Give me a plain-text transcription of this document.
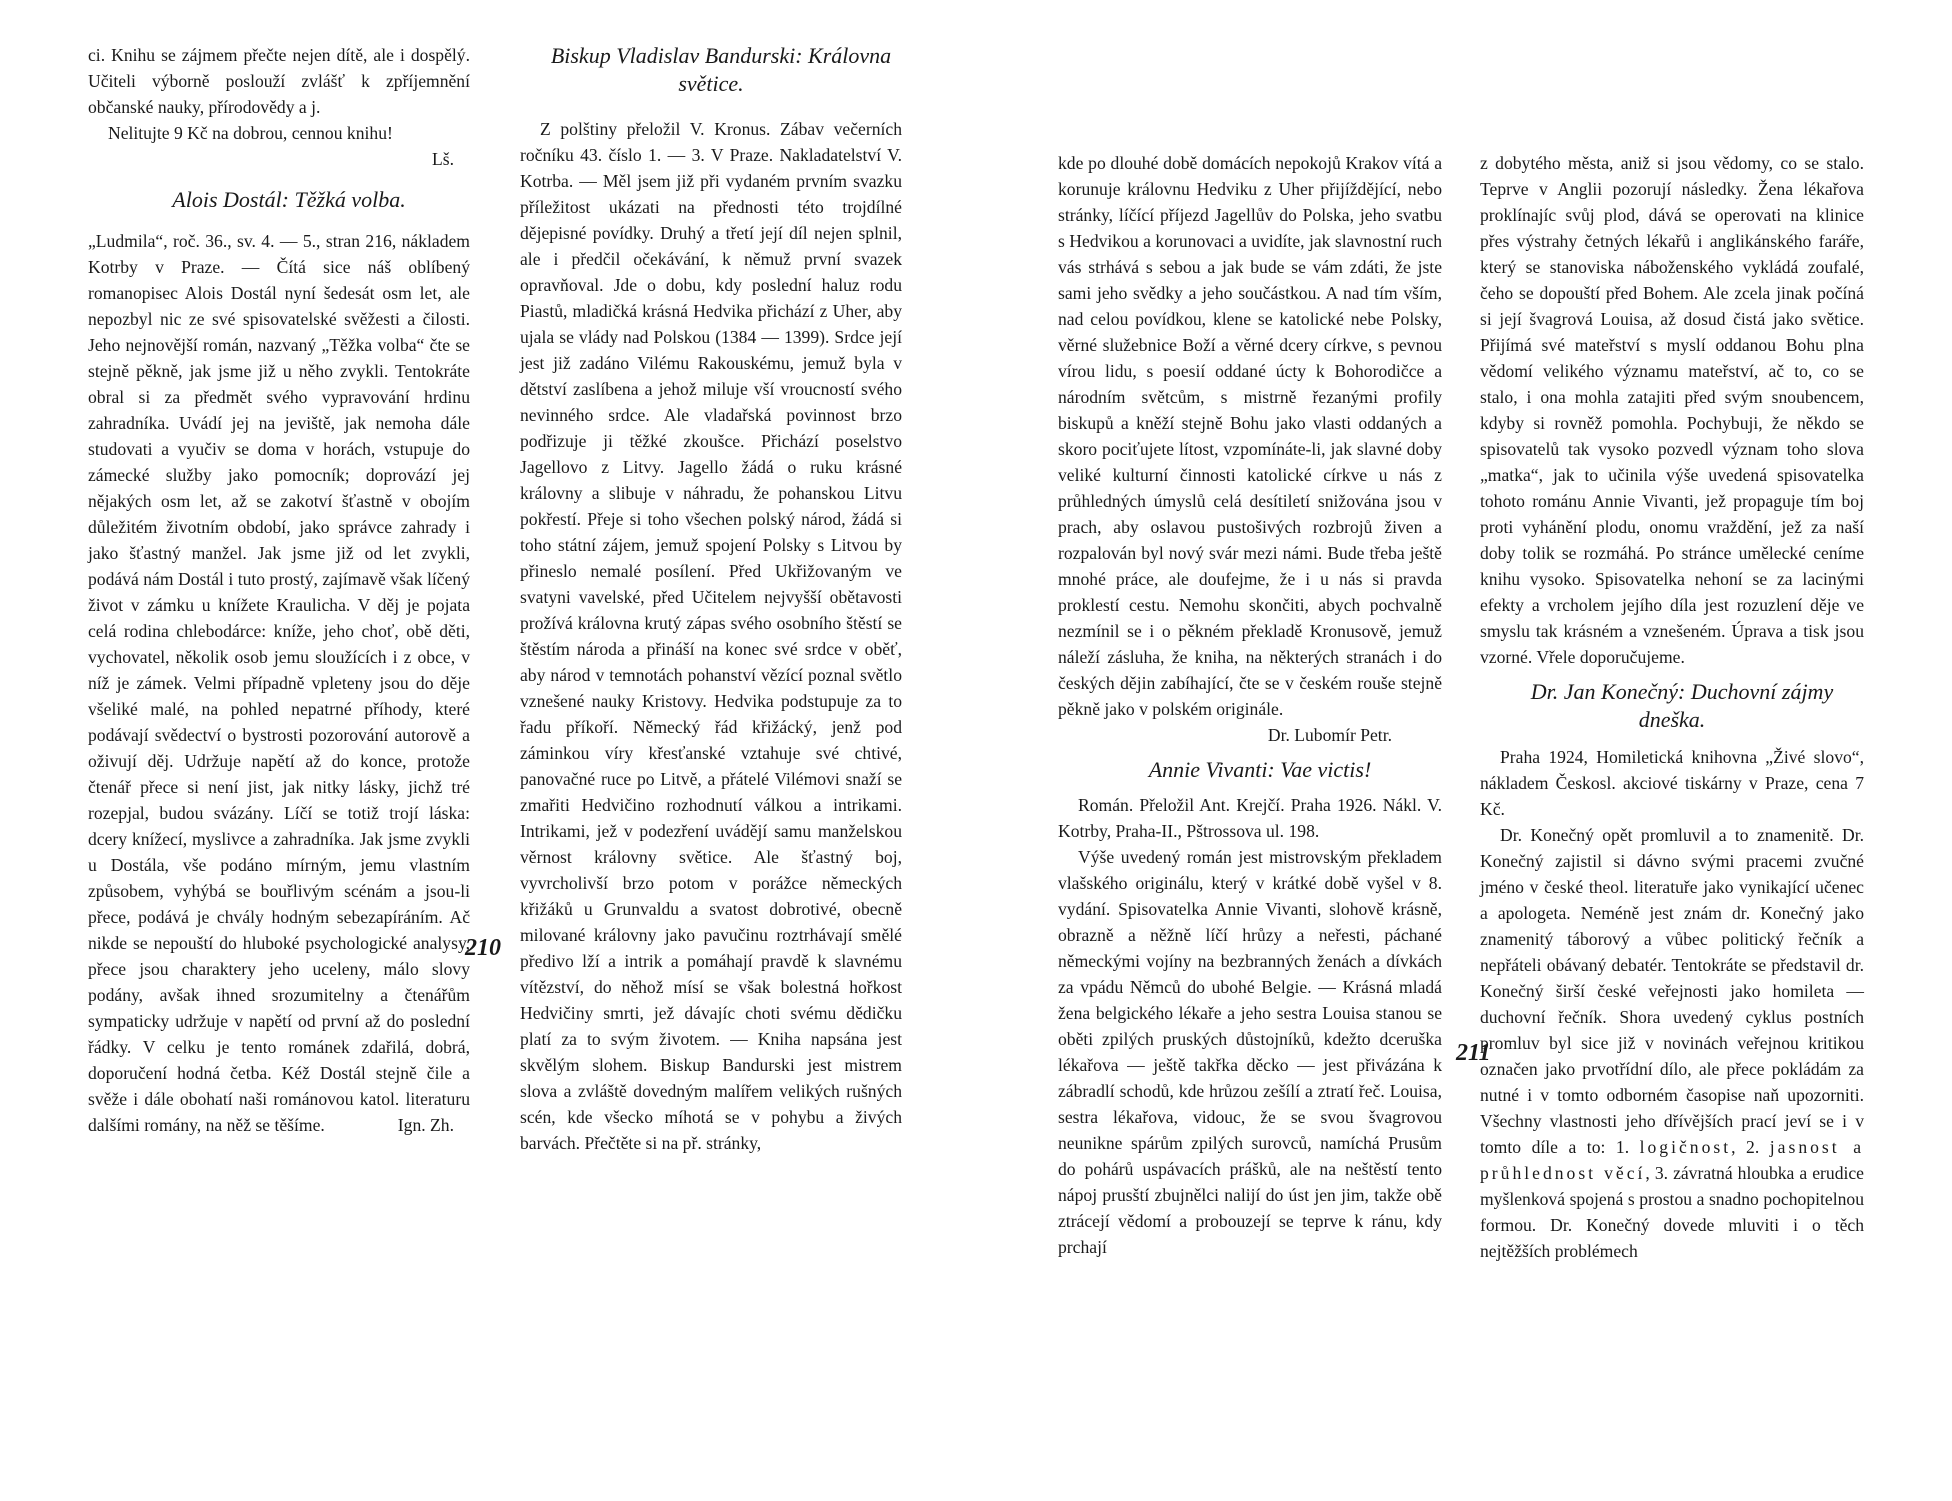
ci. Knihu se zájmem přečte nejen dítě, ale i dospělý. Učiteli výborně poslouží zvlášť k zpříjemnění občanské nauky, přírodovědy a j.

Nelitujte 9 Kč na dobrou, cennou knihu!

Lš.

Alois Dostál: Těžká volba.

„Ludmila“, roč. 36., sv. 4. — 5., stran 216, nákladem Kotrby v Praze. — Čítá sice náš oblíbený romanopisec Alois Dostál nyní šedesát osm let, ale nepozbyl nic ze své spisovatelské svěžesti a čilosti. Jeho nejnovější román, nazvaný „Těžka volba“ čte se stejně pěkně, jak jsme již u něho zvykli. Tentokráte obral si za předmět svého vypravování hrdinu zahradníka. Uvádí jej na jeviště, jak nemoha dále studovati a vyučiv se doma v horách, vstupuje do zámecké služby jako pomocník; doprovází jej nějakých osm let, až se zakotví šťastně v obojím důležitém životním období, jako správce zahrady i jako šťastný manžel. Jak jsme již od let zvykli, podává nám Dostál i tuto prostý, zajímavě však líčený život v zámku u knížete Kraulicha. V děj je pojata celá rodina chlebodárce: kníže, jeho choť, obě děti, vychovatel, několik osob jemu sloužících i z obce, v níž je zámek. Velmi případně vpleteny jsou do děje všeliké malé, na pohled nepatrné příhody, které podávají svědectví o bystrosti pozorování autorově a oživují děj. Udržuje napětí až do konce, protože čtenář přece si není jist, jak nitky lásky, jichž tré rozepjal, budou svázány. Líčí se totiž trojí láska: dcery knížecí, myslivce a zahradníka. Jak jsme zvykli u Dostála, vše podáno mírným, jemu vlastním způsobem, vyhýbá se bouřlivým scénám a jsou-li přece, podává je chvály hodným sebezapíráním. Ač nikde se nepouští do hluboké psychologické analysy, přece jsou charaktery jeho uceleny, málo slovy podány, avšak ihned srozumitelny a čtenářům sympaticky udržuje v napětí od první až do poslední řádky. V celku je tento románek zdařilá, dobrá, doporučení hodná četba. Kéž Dostál stejně čile a svěže i dále obohatí naši románovou katol. literaturu dalšími romány, na něž se těšíme.	Ign. Zh.

Biskup Vladislav Bandurski: Královna světice.

Z polštiny přeložil V. Kronus. Zábav večerních ročníku 43. číslo 1. — 3. V Praze. Nakladatelství V. Kotrba. — Měl jsem již při vydaném prvním svazku příležitost ukázati na přednosti této trojdílné dějepisné povídky. Druhý a třetí její díl nejen splnil, ale i předčil očekávání, k němuž první svazek opravňoval. Jde o dobu, kdy poslední haluz rodu Piastů, mladičká krásná Hedvika přichází z Uher, aby ujala se vlády nad Polskou (1384 — 1399). Srdce její jest již zadáno Vilému Rakouskému, jemuž byla v dětství zaslíbena a jehož miluje vší vroucností svého nevinného srdce. Ale vladařská povinnost brzo podřizuje ji těžké zkoušce. Přichází poselstvo Jagellovo z Litvy. Jagello žádá o ruku krásné královny a slibuje v náhradu, že pohanskou Litvu pokřestí. Přeje si toho všechen polský národ, žádá si toho státní zájem, jemuž spojení Polsky s Litvou by přineslo nemalé posílení. Před Ukřižovaným ve svatyni vavelské, před Učitelem nejvyšší obětavosti prožívá královna krutý zápas svého osobního štěstí se štěstím národa a přináší na konec své srdce v oběť, aby národ v temnotách pohanství vězící poznal světlo vznešené nauky Kristovy. Hedvika podstupuje za to řadu příkoří. Německý řád křižácký, jenž pod záminkou víry křesťanské vztahuje své chtivé, panovačné ruce po Litvě, a přátelé Vilémovi snaží se zmařiti Hedvičino rozhodnutí válkou a intrikami. Intrikami, jež v podezření uvádějí samu manželskou věrnost královny světice. Ale šťastný boj, vyvrcholivší brzo potom v porážce německých křižáků u Grunvaldu a svatost dobrotivé, obecně milované královny jako pavučinu roztrhávají smělé předivo lží a intrik a pomáhají pravdě k slavnému vítězství, do něhož mísí se však bolestná hořkost Hedvičiny smrti, jež dávajíc choti svému dědičku platí za to svým životem. — Kniha napsána jest skvělým slohem. Biskup Bandurski jest mistrem slova a zvláště dovedným malířem velikých rušných scén, kde všecko míhotá se v pohybu a živých barvách. Přečtěte si na př. stránky,

210

kde po dlouhé době domácích nepokojů Krakov vítá a korunuje královnu Hedviku z Uher přijíždějící, nebo stránky, líčící příjezd Jagellův do Polska, jeho svatbu s Hedvikou a korunovaci a uvidíte, jak slavnostní ruch vás strhává s sebou a jak bude se vám zdáti, že jste sami jeho svědky a jeho součástkou. A nad tím vším, nad celou povídkou, klene se katolické nebe Polsky, věrné služebnice Boží a věrné dcery církve, s pevnou vírou lidu, s poesií oddané úcty k Bohorodičce a národním světcům, s mistrně řezanými profily biskupů a kněží stejně Bohu jako vlasti oddaných a skoro pociťujete lítost, vzpomínáte-li, jak slavné doby veliké kulturní činnosti katolické církve u nás z průhledných úmyslů celá desítiletí snižována jsou v prach, aby oslavou pustošivých rozbrojů živen a rozpalován byl nový svár mezi námi. Bude třeba ještě mnohé práce, ale doufejme, že i u nás si pravda proklestí cestu. Nemohu skončiti, abych pochvalně nezmínil se i o pěkném překladě Kronusově, jemuž náleží zásluha, že kniha, na některých stranách i do českých dějin zabíhající, čte se v českém rouše stejně pěkně jako v polském originále.

Dr. Lubomír Petr.

Annie Vivanti: Vae victis!

Román. Přeložil Ant. Krejčí. Praha 1926. Nákl. V. Kotrby, Praha-II., Pštrossova ul. 198.

Výše uvedený román jest mistrovským překladem vlašského originálu, který v krátké době vyšel v 8. vydání. Spisovatelka Annie Vivanti, slohově krásně, obrazně a něžně líčí hrůzy a neřesti, páchané německými vojíny na bezbranných ženách a dívkách za vpádu Němců do ubohé Belgie. — Krásná mladá žena belgického lékaře a jeho sestra Louisa stanou se oběti zpilých pruských důstojníků, kdežto dceruška lékařova — ještě takřka děcko — jest přivázána k zábradlí schodů, kde hrůzou zešílí a ztratí řeč. Louisa, sestra lékařova, vidouc, že se svou švagrovou neunikne spárům zpilých surovců, namíchá Prusům do pohárů uspávacích prášků, ale na neštěstí tento nápoj prusští zbujnělci nalijí do úst jen jim, takže obě ztrácejí vědomí a probouzejí se teprve k ránu, kdy prchají

z dobytého města, aniž si jsou vědomy, co se stalo. Teprve v Anglii pozorují následky. Žena lékařova proklínajíc svůj plod, dává se operovati na klinice přes výstrahy četných lékařů i anglikánského faráře, který se stanoviska náboženského vykládá zoufalé, čeho se dopouští před Bohem. Ale zcela jinak počíná si její švagrová Louisa, až dosud čistá jako světice. Přijímá své mateřství s myslí oddanou Bohu plna vědomí velikého významu mateřství, ač to, co se stalo, i ona mohla zatajiti před svým snoubencem, kdyby si rovněž pomohla. Pochybuji, že někdo se spisovatelů tak vysoko pozvedl význam toho slova „matka“, jak to učinila výše uvedená spisovatelka tohoto románu Annie Vivanti, jež propaguje tím boj proti vyhánění plodu, onomu vraždění, jež za naší doby tolik se rozmáhá. Po stránce umělecké ceníme knihu vysoko. Spisovatelka nehoní se za lacinými efekty a vrcholem jejího díla jest rozuzlení děje ve smyslu tak krásném a vznešeném. Úprava a tisk jsou vzorné. Vřele doporučujeme.

Dr. Jan Konečný: Duchovní zájmy dneška.

Praha 1924, Homiletická knihovna „Živé slovo“, nákladem Českosl. akciové tiskárny v Praze, cena 7 Kč.

Dr. Konečný opět promluvil a to znamenitě. Dr. Konečný zajistil si dávno svými pracemi zvučné jméno v české theol. literatuře jako vynikající učenec a apologeta. Neméně jest znám dr. Konečný jako znamenitý táborový a vůbec politický řečník a nepřáteli obávaný debatér. Tentokráte se představil dr. Konečný širší české veřejnosti jako homileta — duchovní řečník. Shora uvedený cyklus postních promluv byl sice již v novinách veřejnou kritikou označen jako prvotřídní dílo, ale přece pokládám za nutné i v tomto odborném časopise naň upozorniti. Všechny vlastnosti jeho dřívějších prací jeví se i v tomto díle a to: 1. logičnost, 2. jasnost a průhlednost věcí, 3. závratná hloubka a erudice myšlenková spojená s prostou a snadno pochopitelnou formou. Dr. Konečný dovede mluviti i o těch nejtěžších problémech

211
